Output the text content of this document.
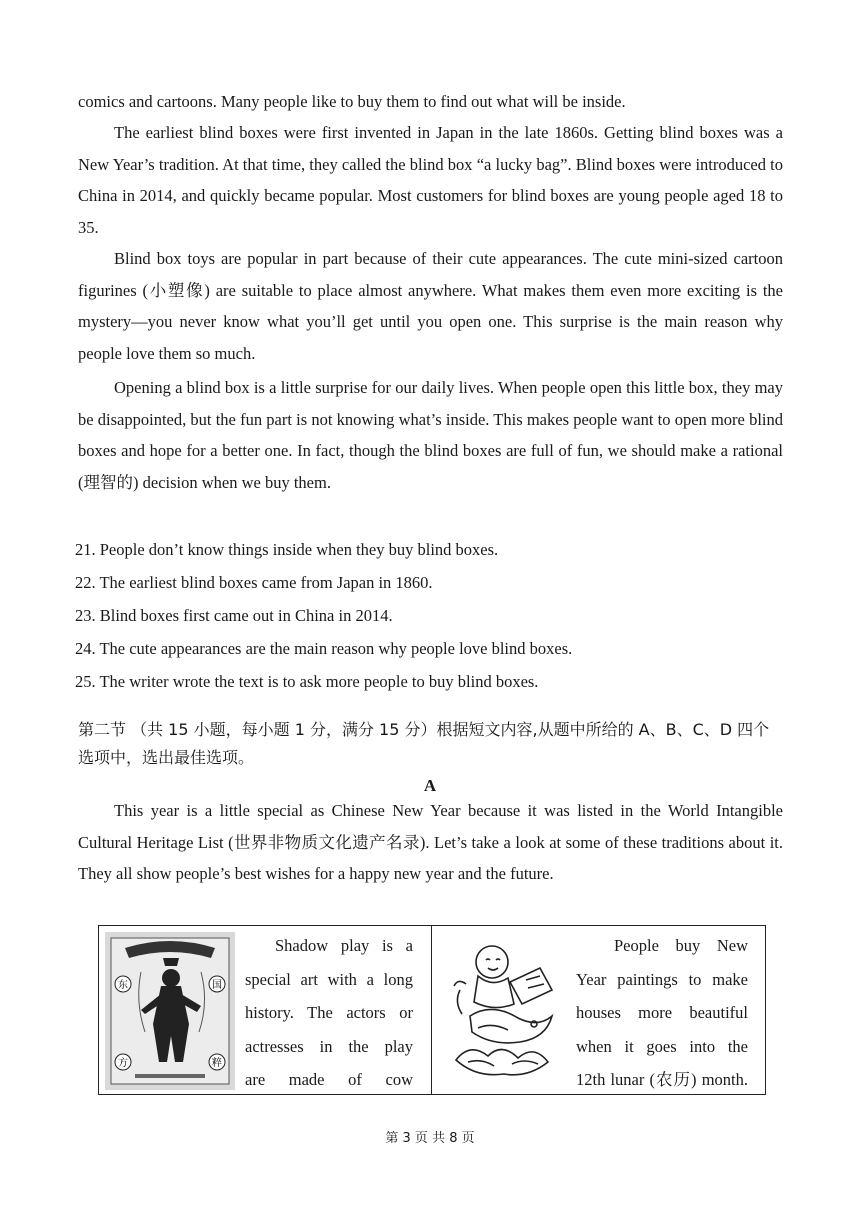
comics and cartoons. Many people like to buy them to find out what will be inside.

The earliest blind boxes were first invented in Japan in the late 1860s. Getting blind boxes was a New Year’s tradition. At that time, they called the blind box “a lucky bag”. Blind boxes were introduced to China in 2014, and quickly became popular. Most customers for blind boxes are young people aged 18 to 35.

Blind box toys are popular in part because of their cute appearances. The cute mini-sized cartoon figurines (小塑像) are suitable to place almost anywhere. What makes them even more exciting is the mystery—you never know what you’ll get until you open one. This surprise is the main reason why people love them so much.

Opening a blind box is a little surprise for our daily lives. When people open this little box, they may be disappointed, but the fun part is not knowing what’s inside. This makes people want to open more blind boxes and hope for a better one. In fact, though the blind boxes are full of fun, we should make a rational (理智的) decision when we buy them.

21. People don’t know things inside when they buy blind boxes.

22. The earliest blind boxes came from Japan in 1860.

23. Blind boxes first came out in China in 2014.

24. The cute appearances are the main reason why people love blind boxes.

25. The writer wrote the text is to ask more people to buy blind boxes.

第二节 （共 15 小题，每小题 1 分，满分 15 分）根据短文内容,从题中所给的 A、B、C、D 四个选项中，选出最佳选项。

A

This year is a little special as Chinese New Year because it was listed in the World Intangible Cultural Heritage List (世界非物质文化遗产名录). Let’s take a look at some of these traditions about it. They all show people’s best wishes for a happy new year and the future.

东	国
方	粹
Shadow play is a
special art with a long
history. The actors or
actresses in the play
are made of cow
People buy New
Year paintings to make
houses more beautiful
when it goes into the
12th lunar (农历) month.
第 3 页 共 8 页
